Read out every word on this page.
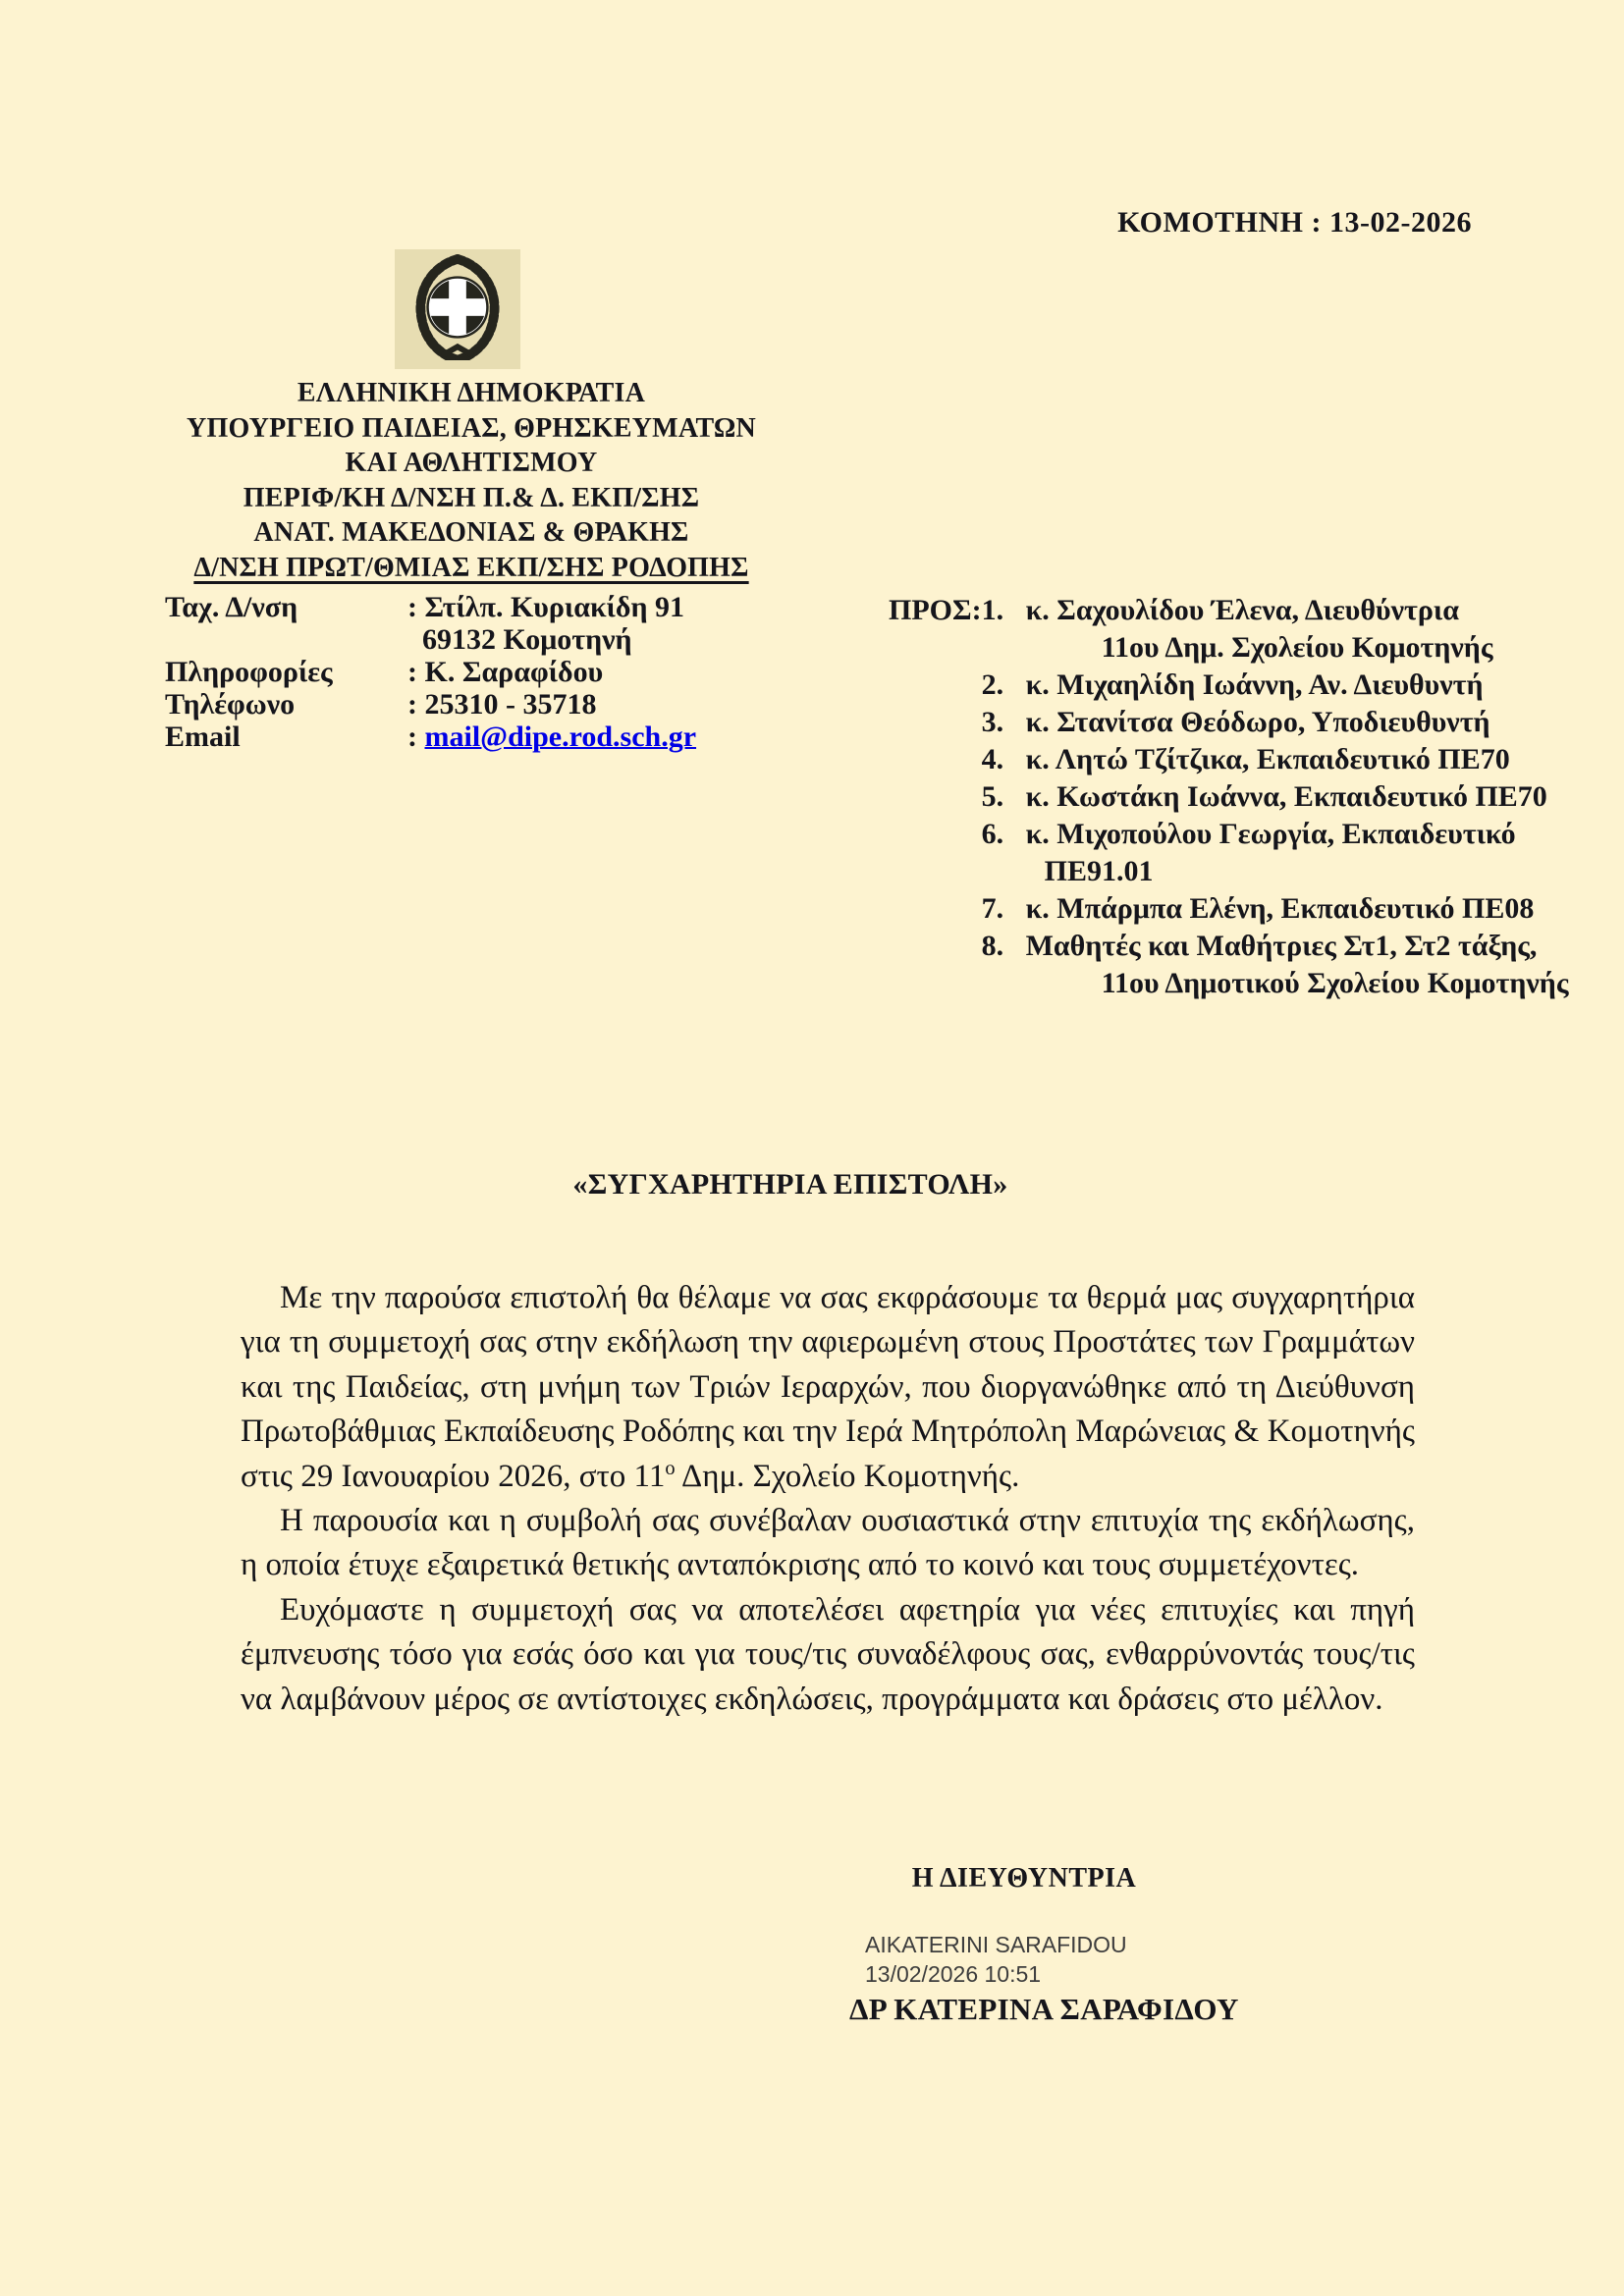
ΚΟΜΟΤΗΝΗ : 13-02-2026
ΕΛΛΗΝΙΚΗ ΔΗΜΟΚΡΑΤΙΑ
ΥΠΟΥΡΓΕΙΟ ΠΑΙΔΕΙΑΣ, ΘΡΗΣΚΕΥΜΑΤΩΝ
ΚΑΙ ΑΘΛΗΤΙΣΜΟΥ
ΠΕΡΙΦ/ΚΗ Δ/ΝΣΗ Π.& Δ. ΕΚΠ/ΣΗΣ
ΑΝΑΤ. ΜΑΚΕΔΟΝΙΑΣ & ΘΡΑΚΗΣ
Δ/ΝΣΗ ΠΡΩΤ/ΘΜΙΑΣ ΕΚΠ/ΣΗΣ ΡΟΔΟΠΗΣ
Ταχ. Δ/νση	: Στίλπ. Κυριακίδη 91
69132 Κομοτηνή
Πληροφορίες	: Κ. Σαραφίδου
Τηλέφωνο	: 25310 - 35718
Email	: mail@dipe.rod.sch.gr
ΠΡΟΣ: 1. κ. Σαχουλίδου Έλενα, Διευθύντρια
11ου Δημ. Σχολείου Κομοτηνής
2. κ. Μιχαηλίδη Ιωάννη, Αν. Διευθυντή
3. κ. Στανίτσα Θεόδωρο, Υποδιευθυντή
4. κ. Λητώ Τζίτζικα, Εκπαιδευτικό ΠΕ70
5. κ. Κωστάκη Ιωάννα, Εκπαιδευτικό ΠΕ70
6. κ. Μιχοπούλου Γεωργία, Εκπαιδευτικό
ΠΕ91.01
7. κ. Μπάρμπα Ελένη, Εκπαιδευτικό ΠΕ08
8. Μαθητές και Μαθήτριες Στ1, Στ2 τάξης,
11ου Δημοτικού Σχολείου Κομοτηνής
«ΣΥΓΧΑΡΗΤΗΡΙΑ ΕΠΙΣΤΟΛΗ»

Με την παρούσα επιστολή θα θέλαμε να σας εκφράσουμε τα θερμά μας συγχαρητήρια για τη συμμετοχή σας στην εκδήλωση την αφιερωμένη στους Προστάτες των Γραμμάτων και της Παιδείας, στη μνήμη των Τριών Ιεραρχών, που διοργανώθηκε από τη Διεύθυνση Πρωτοβάθμιας Εκπαίδευσης Ροδόπης και την Ιερά Μητρόπολη Μαρώνειας & Κομοτηνής στις 29 Ιανουαρίου 2026, στο $11^o$ Δημ. Σχολείο Κομοτηνής.

Η παρουσία και η συμβολή σας συνέβαλαν ουσιαστικά στην επιτυχία της εκδήλωσης, η οποία έτυχε εξαιρετικά θετικής ανταπόκρισης από το κοινό και τους συμμετέχοντες.

Ευχόμαστε η συμμετοχή σας να αποτελέσει αφετηρία για νέες επιτυχίες και πηγή έμπνευσης τόσο για εσάς όσο και για τους/τις συναδέλφους σας, ενθαρρύνοντάς τους/τις να λαμβάνουν μέρος σε αντίστοιχες εκδηλώσεις, προγράμματα και δράσεις στο μέλλον.

Η ΔΙΕΥΘΥΝΤΡΙΑ
AIKATERINI SARAFIDOU
13/02/2026 10:51
ΔΡ ΚΑΤΕΡΙΝΑ ΣΑΡΑΦΙΔΟΥ
